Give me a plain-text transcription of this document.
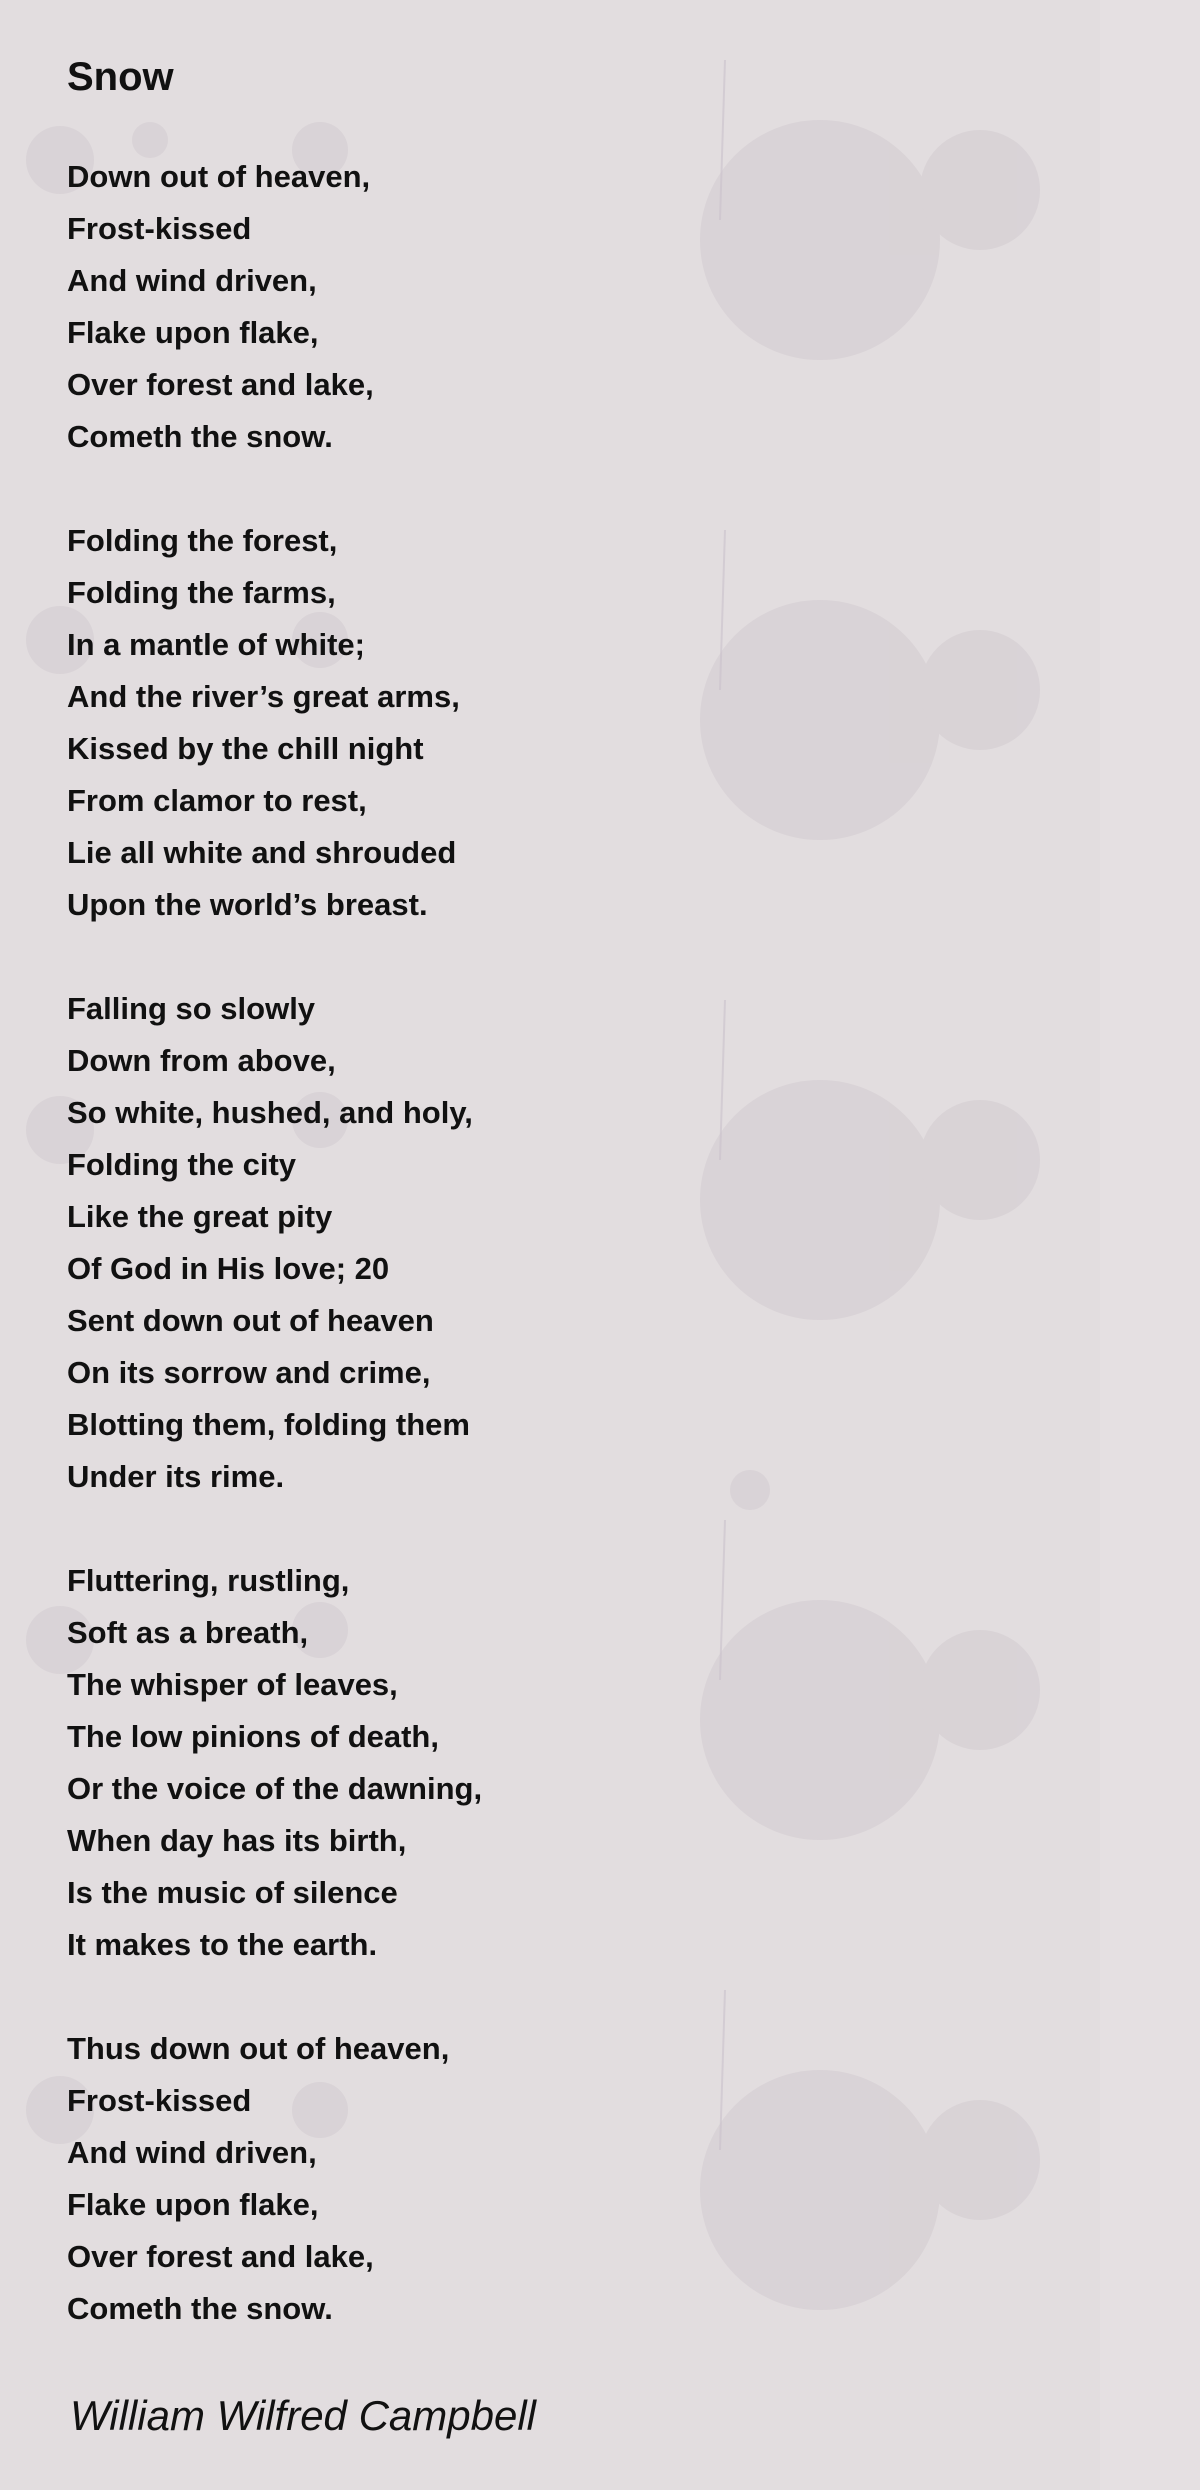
Snow
Down out of heaven,
Frost-kissed
And wind driven,
Flake upon flake,
Over forest and lake,
Cometh the snow.
Folding the forest,
Folding the farms,
In a mantle of white;
And the river’s great arms,
Kissed by the chill night
From clamor to rest,
Lie all white and shrouded
Upon the world’s breast.
Falling so slowly
Down from above,
So white, hushed, and holy,
Folding the city
Like the great pity
Of God in His love; 20
Sent down out of heaven
On its sorrow and crime,
Blotting them, folding them
Under its rime.
Fluttering, rustling,
Soft as a breath,
The whisper of leaves,
The low pinions of death,
Or the voice of the dawning,
When day has its birth,
Is the music of silence
It makes to the earth.
Thus down out of heaven,
Frost-kissed
And wind driven,
Flake upon flake,
Over forest and lake,
Cometh the snow.
William Wilfred Campbell
